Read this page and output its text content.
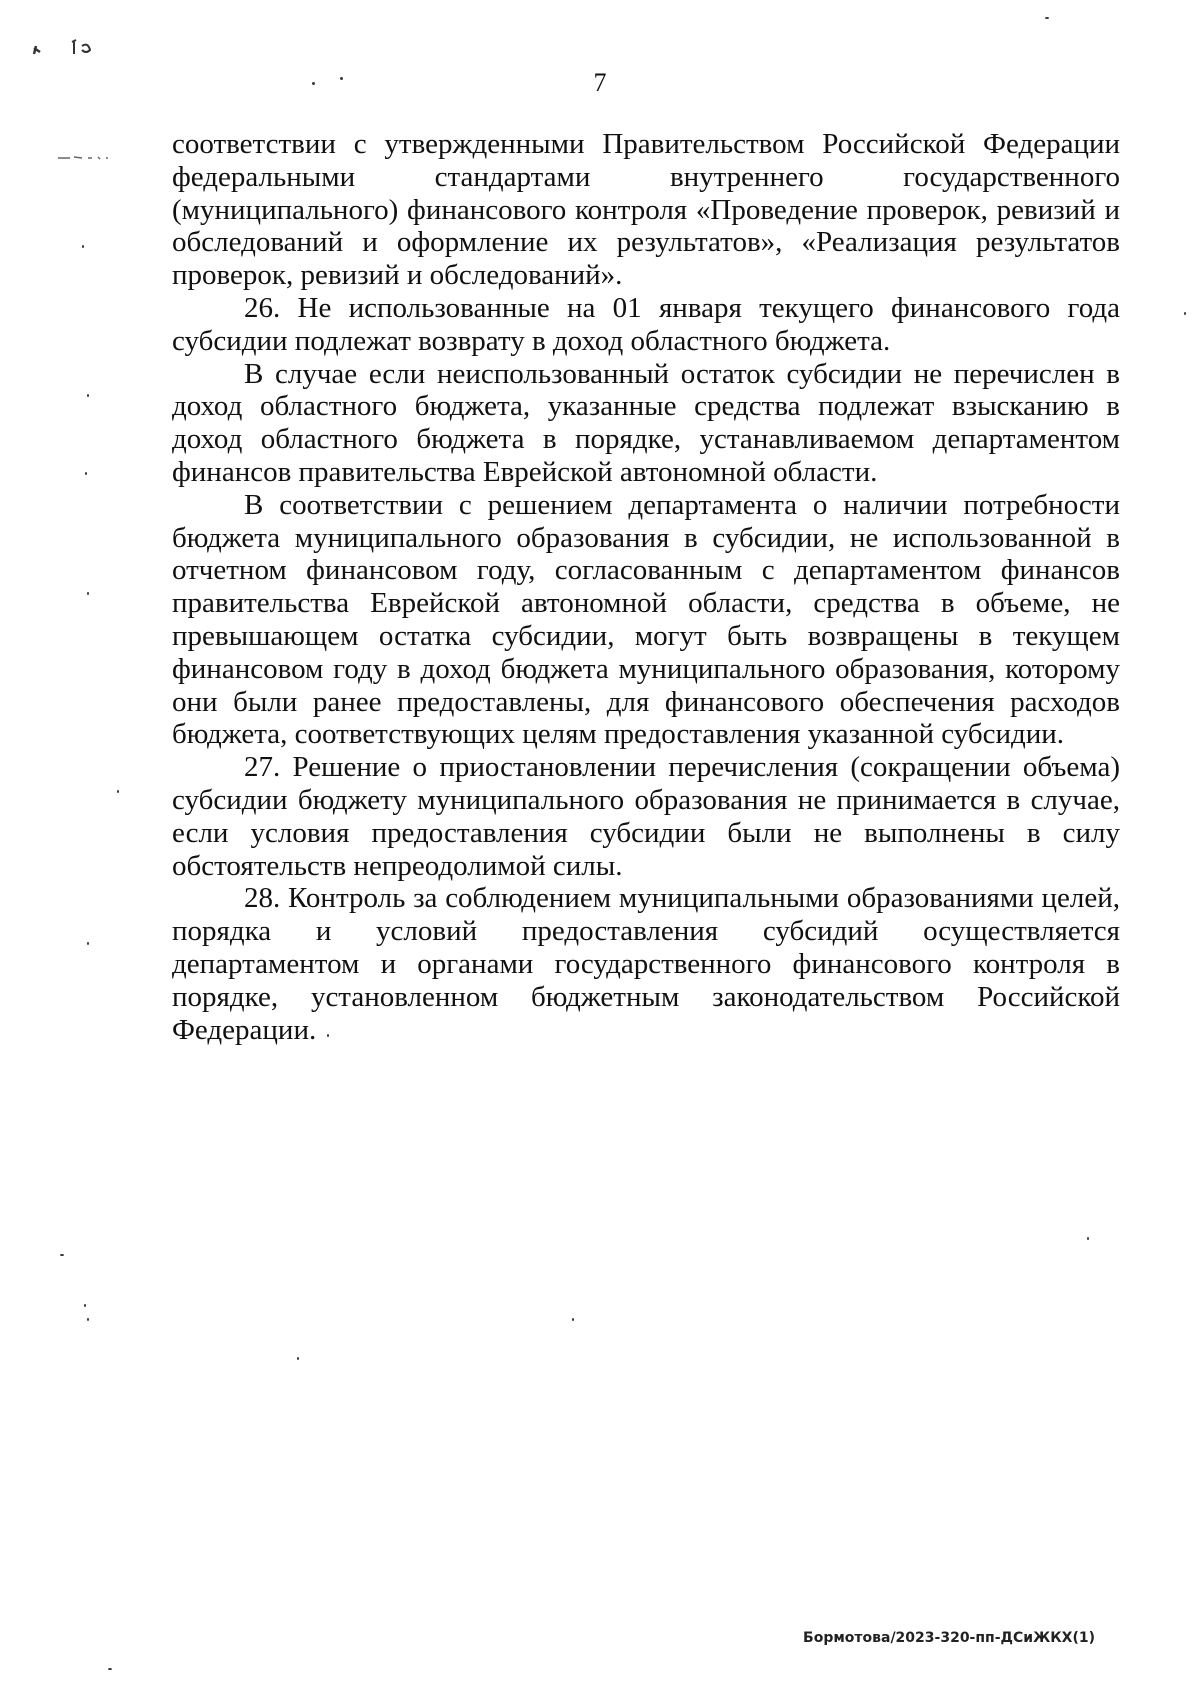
7

соответствии с утвержденными Правительством Российской Федерации федеральными стандартами внутреннего государственного (муниципального) финансового контроля «Проведение проверок, ревизий и обследований и оформление их результатов», «Реализация результатов проверок, ревизий и обследований».

26. Не использованные на 01 января текущего финансового года субсидии подлежат возврату в доход областного бюджета.

В случае если неиспользованный остаток субсидии не перечислен в доход областного бюджета, указанные средства подлежат взысканию в доход областного бюджета в порядке, устанавливаемом департаментом финансов правительства Еврейской автономной области.

В соответствии с решением департамента о наличии потребности бюджета муниципального образования в субсидии, не использованной в отчетном финансовом году, согласованным с департаментом финансов правительства Еврейской автономной области, средства в объеме, не превышающем остатка субсидии, могут быть возвращены в текущем финансовом году в доход бюджета муниципального образования, которому они были ранее предоставлены, для финансового обеспечения расходов бюджета, соответствующих целям предоставления указанной субсидии.

27. Решение о приостановлении перечисления (сокращении объема) субсидии бюджету муниципального образования не принимается в случае, если условия предоставления субсидии были не выполнены в силу обстоятельств непреодолимой силы.

28. Контроль за соблюдением муниципальными образованиями целей, порядка и условий предоставления субсидий осуществляется департаментом и органами государственного финансового контроля в порядке, установленном бюджетным законодательством Российской Федерации.

Бормотова/2023-320-пп-ДСиЖКХ(1)
